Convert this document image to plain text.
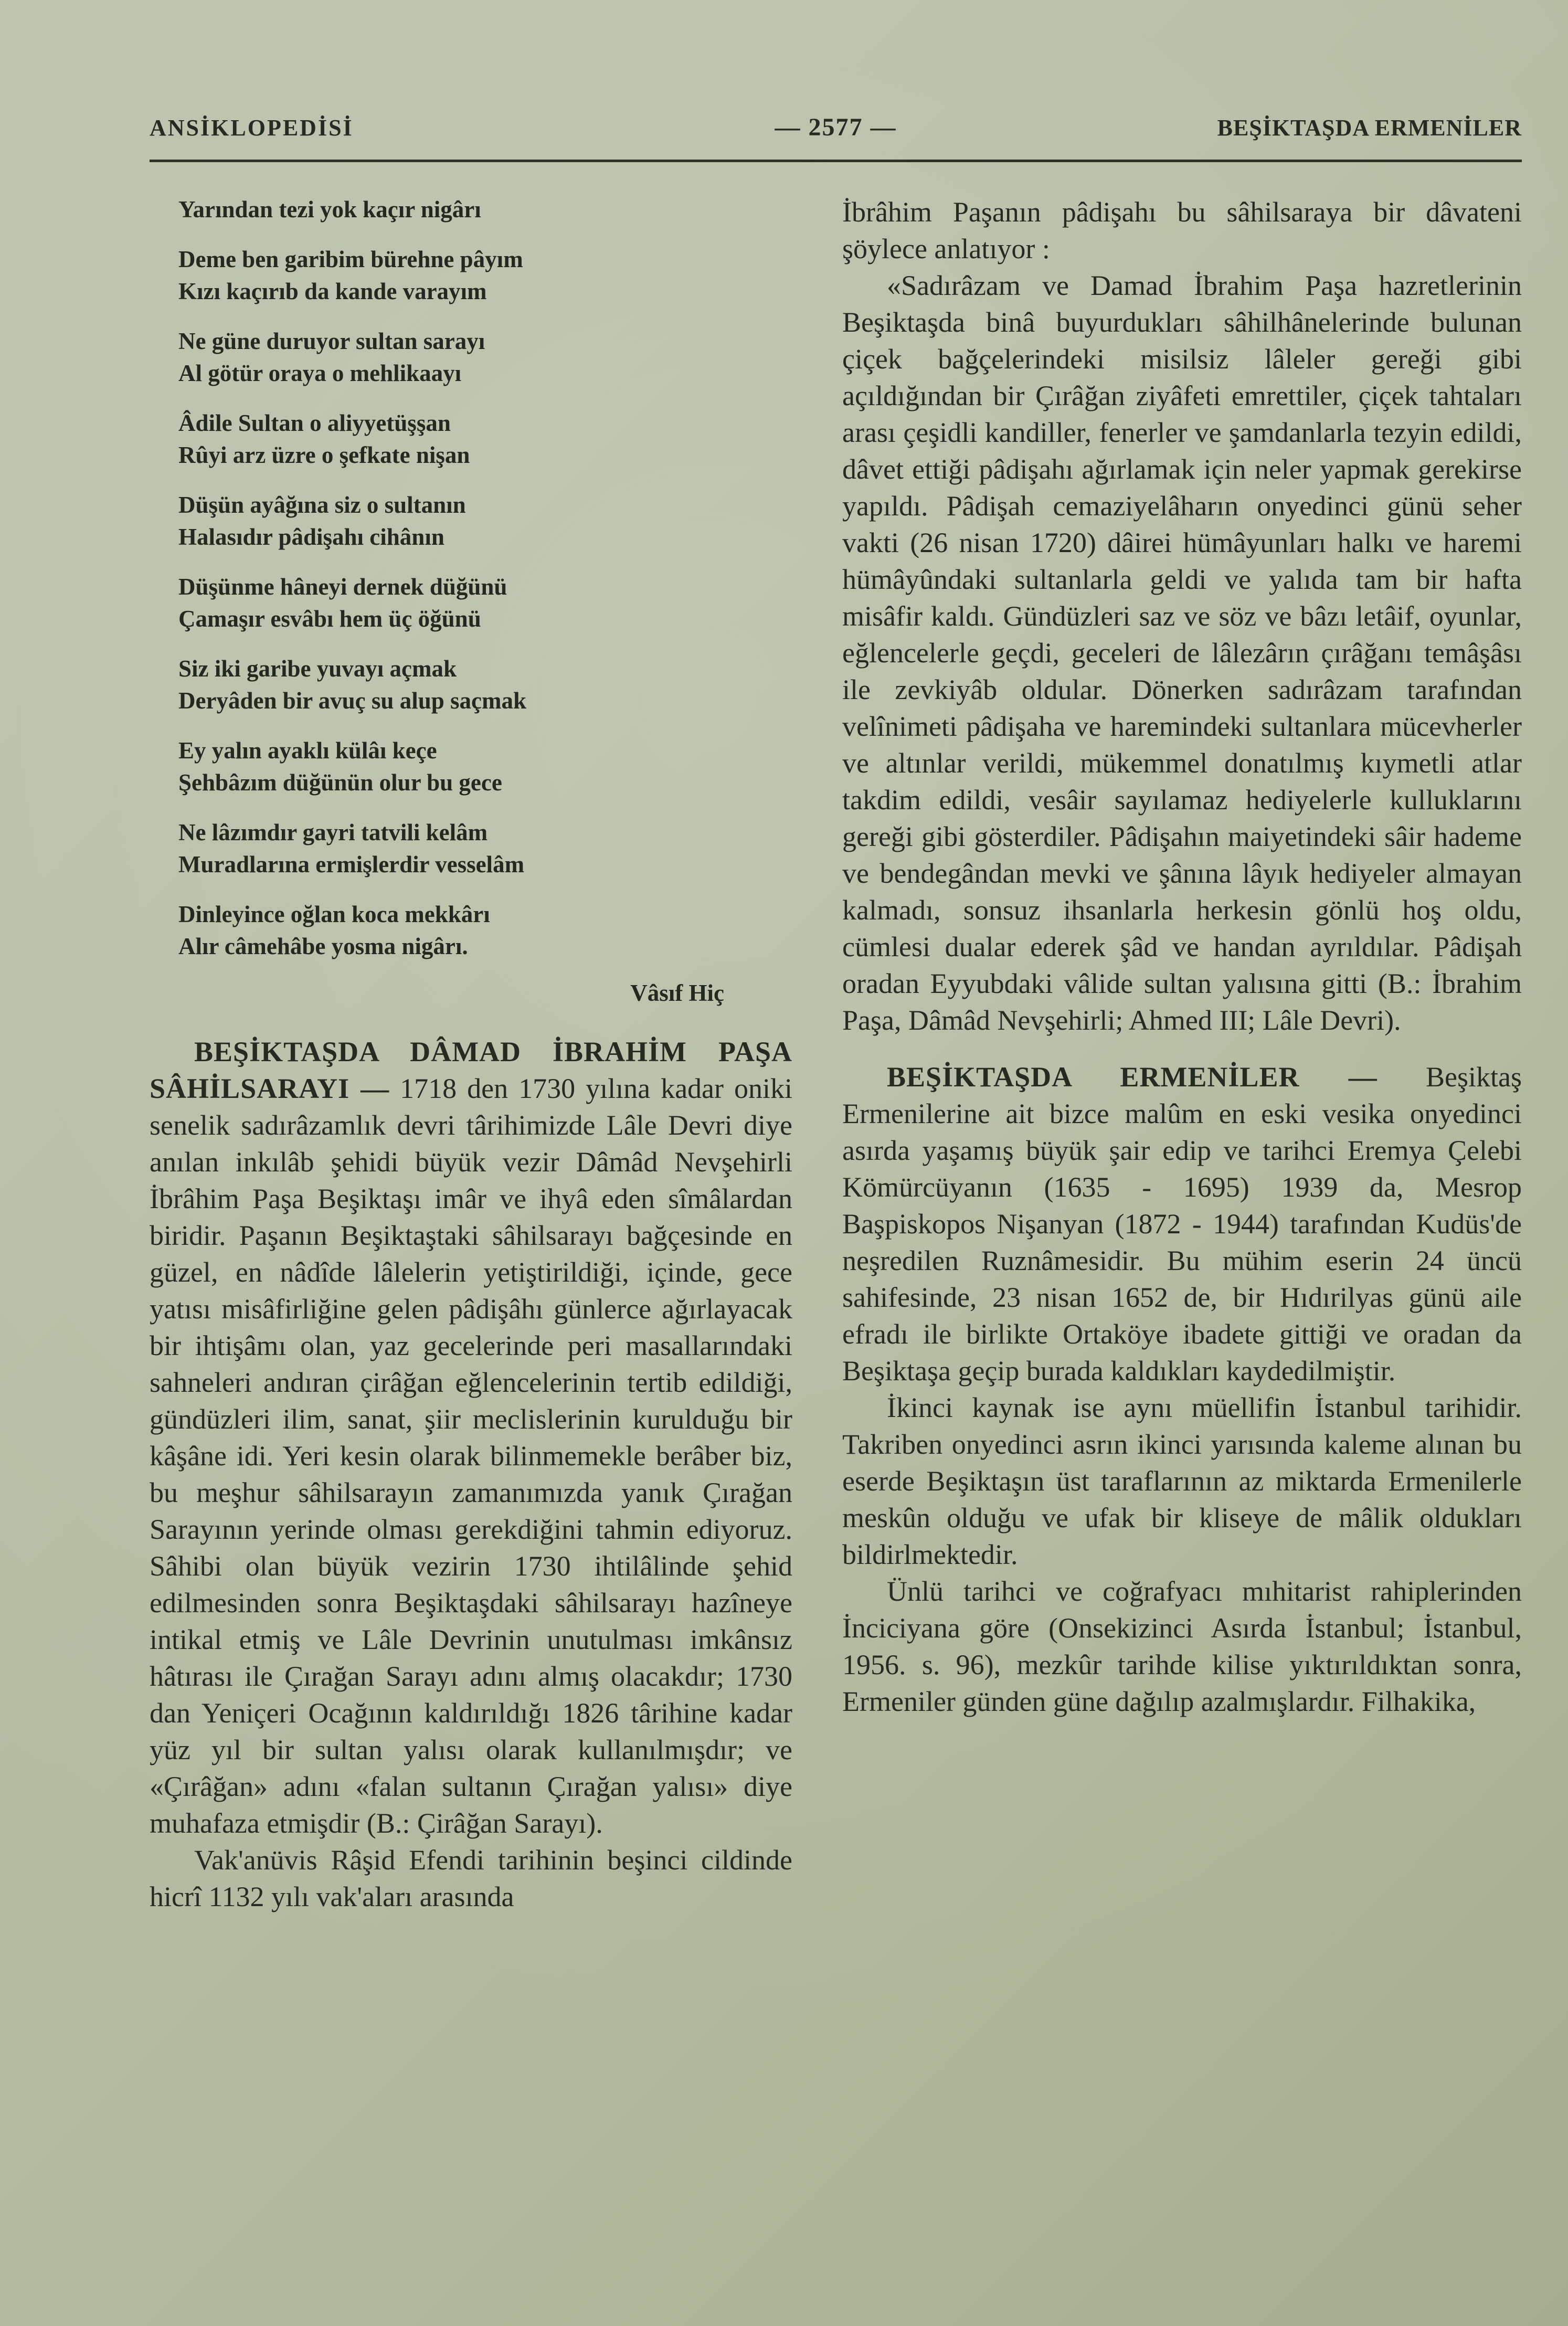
ANSİKLOPEDİSİ	— 2577 —	BEŞİKTAŞDA ERMENİLER
Yarından tezi yok kaçır nigârı
Deme ben garibim bürehne pâyım
Kızı kaçırıb da kande varayım
Ne güne duruyor sultan sarayı
Al götür oraya o mehlikaayı
Âdile Sultan o aliyyetüşşan
Rûyi arz üzre o şefkate nişan
Düşün ayâğına siz o sultanın
Halasıdır pâdişahı cihânın
Düşünme hâneyi dernek düğünü
Çamaşır esvâbı hem üç öğünü
Siz iki garibe yuvayı açmak
Deryâden bir avuç su alup saçmak
Ey yalın ayaklı külâı keçe
Şehbâzım düğünün olur bu gece
Ne lâzımdır gayri tatvili kelâm
Muradlarına ermişlerdir vesselâm
Dinleyince oğlan koca mekkârı
Alır câmehâbe yosma nigârı.
Vâsıf Hiç

BEŞİKTAŞDA DÂMAD İBRAHİM PAŞA SÂHİLSARAYI — 1718 den 1730 yılına kadar oniki senelik sadırâzamlık devri târihimizde Lâle Devri diye anılan inkılâb şehidi büyük vezir Dâmâd Nevşehirli İbrâhim Paşa Beşiktaşı imâr ve ihyâ eden sîmâlardan biridir. Paşanın Beşiktaştaki sâhilsarayı bağçesinde en güzel, en nâdîde lâlelerin yetiştirildiği, içinde, gece yatısı misâfirliğine gelen pâdişâhı günlerce ağırlayacak bir ihtişâmı olan, yaz gecelerinde peri masallarındaki sahneleri andıran çirâğan eğlencelerinin tertib edildiği, gündüzleri ilim, sanat, şiir meclislerinin kurulduğu bir kâşâne idi. Yeri kesin olarak bilinmemekle berâber biz, bu meşhur sâhilsarayın zamanımızda yanık Çırağan Sarayının yerinde olması gerekdiğini tahmin ediyoruz. Sâhibi olan büyük vezirin 1730 ihtilâlinde şehid edilmesinden sonra Beşiktaşdaki sâhilsarayı hazîneye intikal etmiş ve Lâle Devrinin unutulması imkânsız hâtırası ile Çırağan Sarayı adını almış olacakdır; 1730 dan Yeniçeri Ocağının kaldırıldığı 1826 târihine kadar yüz yıl bir sultan yalısı olarak kullanılmışdır; ve «Çırâğan» adını «falan sultanın Çırağan yalısı» diye muhafaza etmişdir (B.: Çirâğan Sarayı).

Vak'anüvis Râşid Efendi tarihinin beşinci cildinde hicrî 1132 yılı vak'aları arasında

İbrâhim Paşanın pâdişahı bu sâhilsaraya bir dâvateni şöylece anlatıyor :

«Sadırâzam ve Damad İbrahim Paşa hazretlerinin Beşiktaşda binâ buyurdukları sâhilhânelerinde bulunan çiçek bağçelerindeki misilsiz lâleler gereği gibi açıldığından bir Çırâğan ziyâfeti emrettiler, çiçek tahtaları arası çeşidli kandiller, fenerler ve şamdanlarla tezyin edildi, dâvet ettiği pâdişahı ağırlamak için neler yapmak gerekirse yapıldı. Pâdişah cemaziyelâharın onyedinci günü seher vakti (26 nisan 1720) dâirei hümâyunları halkı ve haremi hümâyûndaki sultanlarla geldi ve yalıda tam bir hafta misâfir kaldı. Gündüzleri saz ve söz ve bâzı letâif, oyunlar, eğlencelerle geçdi, geceleri de lâlezârın çırâğanı temâşâsı ile zevkiyâb oldular. Dönerken sadırâzam tarafından velînimeti pâdişaha ve haremindeki sultanlara mücevherler ve altınlar verildi, mükemmel donatılmış kıymetli atlar takdim edildi, vesâir sayılamaz hediyelerle kulluklarını gereği gibi gösterdiler. Pâdişahın maiyetindeki sâir hademe ve bendegândan mevki ve şânına lâyık hediyeler almayan kalmadı, sonsuz ihsanlarla herkesin gönlü hoş oldu, cümlesi dualar ederek şâd ve handan ayrıldılar. Pâdişah oradan Eyyubdaki vâlide sultan yalısına gitti (B.: İbrahim Paşa, Dâmâd Nevşehirli; Ahmed III; Lâle Devri).

BEŞİKTAŞDA ERMENİLER — Beşiktaş Ermenilerine ait bizce malûm en eski vesika onyedinci asırda yaşamış büyük şair edip ve tarihci Eremya Çelebi Kömürcüyanın (1635 - 1695) 1939 da, Mesrop Başpiskopos Nişanyan (1872 - 1944) tarafından Kudüs'de neşredilen Ruznâmesidir. Bu mühim eserin 24 üncü sahifesinde, 23 nisan 1652 de, bir Hıdırilyas günü aile efradı ile birlikte Ortaköye ibadete gittiği ve oradan da Beşiktaşa geçip burada kaldıkları kaydedilmiştir.

İkinci kaynak ise aynı müellifin İstanbul tarihidir. Takriben onyedinci asrın ikinci yarısında kaleme alınan bu eserde Beşiktaşın üst taraflarının az miktarda Ermenilerle meskûn olduğu ve ufak bir kliseye de mâlik oldukları bildirlmektedir.

Ünlü tarihci ve coğrafyacı mıhitarist rahiplerinden İnciciyana göre (Onsekizinci Asırda İstanbul; İstanbul, 1956. s. 96), mezkûr tarihde kilise yıktırıldıktan sonra, Ermeniler günden güne dağılıp azalmışlardır. Filhakika,
